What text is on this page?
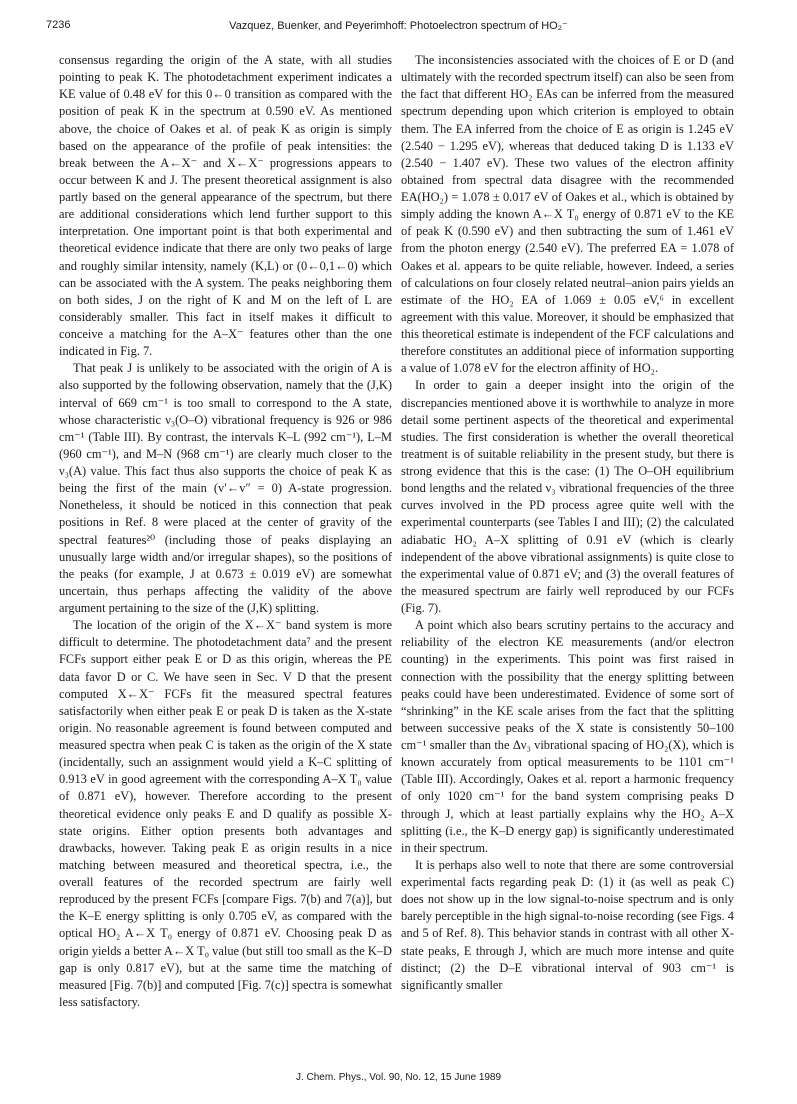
7236	Vazquez, Buenker, and Peyerimhoff: Photoelectron spectrum of HO₂⁻

consensus regarding the origin of the A state, with all studies pointing to peak K. The photodetachment experiment indicates a KE value of 0.48 eV for this 0←0 transition as compared with the position of peak K in the spectrum at 0.590 eV. As mentioned above, the choice of Oakes et al. of peak K as origin is simply based on the appearance of the profile of peak intensities: the break between the A←X⁻ and X←X⁻ progressions appears to occur between K and J. The present theoretical assignment is also partly based on the general appearance of the spectrum, but there are additional considerations which lend further support to this interpretation. One important point is that both experimental and theoretical evidence indicate that there are only two peaks of large and roughly similar intensity, namely (K,L) or (0←0,1←0) which can be associated with the A system. The peaks neighboring them on both sides, J on the right of K and M on the left of L are considerably smaller. This fact in itself makes it difficult to conceive a matching for the A–X⁻ features other than the one indicated in Fig. 7.

That peak J is unlikely to be associated with the origin of A is also supported by the following observation, namely that the (J,K) interval of 669 cm⁻¹ is too small to correspond to the A state, whose characteristic ν₃(O–O) vibrational frequency is 926 or 986 cm⁻¹ (Table III). By contrast, the intervals K–L (992 cm⁻¹), L–M (960 cm⁻¹), and M–N (968 cm⁻¹) are clearly much closer to the ν₃(A) value. This fact thus also supports the choice of peak K as being the first of the main (v′←v″ = 0) A-state progression. Nonetheless, it should be noticed in this connection that peak positions in Ref. 8 were placed at the center of gravity of the spectral features²⁰ (including those of peaks displaying an unusually large width and/or irregular shapes), so the positions of the peaks (for example, J at 0.673 ± 0.019 eV) are somewhat uncertain, thus perhaps affecting the validity of the above argument pertaining to the size of the (J,K) splitting.

The location of the origin of the X←X⁻ band system is more difficult to determine. The photodetachment data⁷ and the present FCFs support either peak E or D as this origin, whereas the PE data favor D or C. We have seen in Sec. V D that the present computed X←X⁻ FCFs fit the measured spectral features satisfactorily when either peak E or peak D is taken as the X-state origin. No reasonable agreement is found between computed and measured spectra when peak C is taken as the origin of the X state (incidentally, such an assignment would yield a K–C splitting of 0.913 eV in good agreement with the corresponding A–X T₀ value of 0.871 eV), however. Therefore according to the present theoretical evidence only peaks E and D qualify as possible X-state origins. Either option presents both advantages and drawbacks, however. Taking peak E as origin results in a nice matching between measured and theoretical spectra, i.e., the overall features of the recorded spectrum are fairly well reproduced by the present FCFs [compare Figs. 7(b) and 7(a)], but the K–E energy splitting is only 0.705 eV, as compared with the optical HO₂ A←X T₀ energy of 0.871 eV. Choosing peak D as origin yields a better A←X T₀ value (but still too small as the K–D gap is only 0.817 eV), but at the same time the matching of measured [Fig. 7(b)] and computed [Fig. 7(c)] spectra is somewhat less satisfactory.

The inconsistencies associated with the choices of E or D (and ultimately with the recorded spectrum itself) can also be seen from the fact that different HO₂ EAs can be inferred from the measured spectrum depending upon which criterion is employed to obtain them. The EA inferred from the choice of E as origin is 1.245 eV (2.540 − 1.295 eV), whereas that deduced taking D is 1.133 eV (2.540 − 1.407 eV). These two values of the electron affinity obtained from spectral data disagree with the recommended EA(HO₂) = 1.078 ± 0.017 eV of Oakes et al., which is obtained by simply adding the known A←X T₀ energy of 0.871 eV to the KE of peak K (0.590 eV) and then subtracting the sum of 1.461 eV from the photon energy (2.540 eV). The preferred EA = 1.078 of Oakes et al. appears to be quite reliable, however. Indeed, a series of calculations on four closely related neutral–anion pairs yields an estimate of the HO₂ EA of 1.069 ± 0.05 eV,⁶ in excellent agreement with this value. Moreover, it should be emphasized that this theoretical estimate is independent of the FCF calculations and therefore constitutes an additional piece of information supporting a value of 1.078 eV for the electron affinity of HO₂.

In order to gain a deeper insight into the origin of the discrepancies mentioned above it is worthwhile to analyze in more detail some pertinent aspects of the theoretical and experimental studies. The first consideration is whether the overall theoretical treatment is of suitable reliability in the present study, but there is strong evidence that this is the case: (1) The O–OH equilibrium bond lengths and the related ν₃ vibrational frequencies of the three curves involved in the PD process agree quite well with the experimental counterparts (see Tables I and III); (2) the calculated adiabatic HO₂ A–X splitting of 0.91 eV (which is clearly independent of the above vibrational assignments) is quite close to the experimental value of 0.871 eV; and (3) the overall features of the measured spectrum are fairly well reproduced by our FCFs (Fig. 7).

A point which also bears scrutiny pertains to the accuracy and reliability of the electron KE measurements (and/or electron counting) in the experiments. This point was first raised in connection with the possibility that the energy splitting between peaks could have been underestimated. Evidence of some sort of “shrinking” in the KE scale arises from the fact that the splitting between successive peaks of the X state is consistently 50–100 cm⁻¹ smaller than the Δν₃ vibrational spacing of HO₂(X), which is known accurately from optical measurements to be 1101 cm⁻¹ (Table III). Accordingly, Oakes et al. report a harmonic frequency of only 1020 cm⁻¹ for the band system comprising peaks D through J, which at least partially explains why the HO₂ A–X splitting (i.e., the K–D energy gap) is significantly underestimated in their spectrum.

It is perhaps also well to note that there are some controversial experimental facts regarding peak D: (1) it (as well as peak C) does not show up in the low signal-to-noise spectrum and is only barely perceptible in the high signal-to-noise recording (see Figs. 4 and 5 of Ref. 8). This behavior stands in contrast with all other X-state peaks, E through J, which are much more intense and quite distinct; (2) the D–E vibrational interval of 903 cm⁻¹ is significantly smaller

J. Chem. Phys., Vol. 90, No. 12, 15 June 1989
